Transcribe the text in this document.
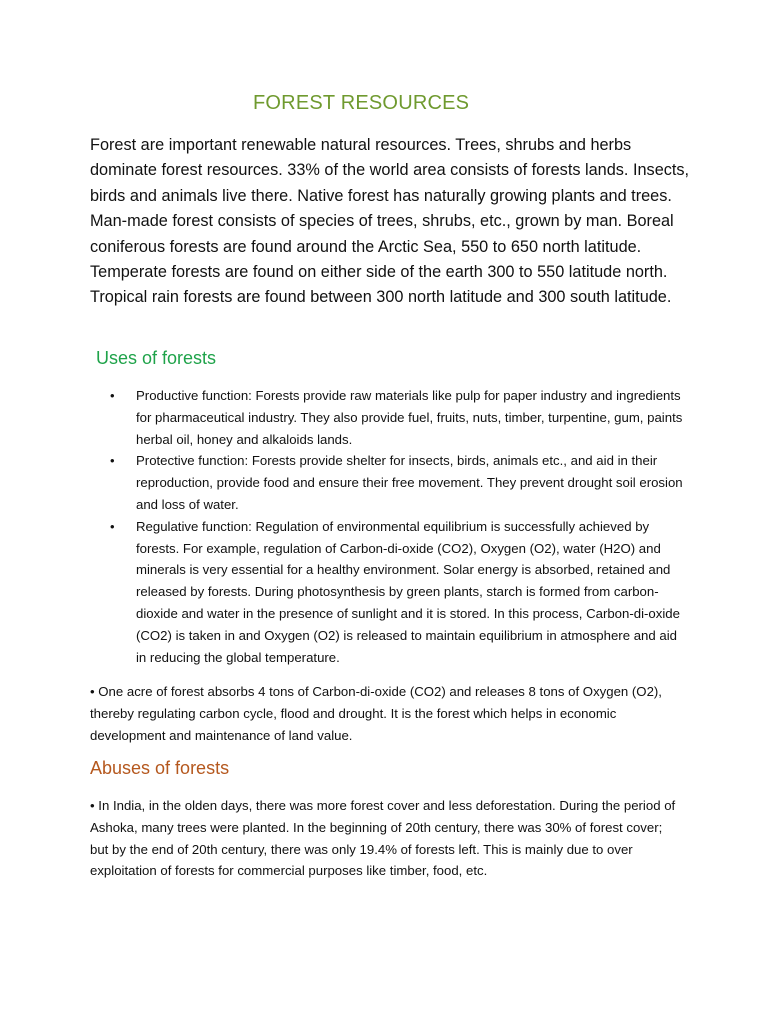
FOREST RESOURCES

Forest are important renewable natural resources. Trees, shrubs and herbs dominate forest resources. 33% of the world area consists of forests lands. Insects, birds and animals live there. Native forest has naturally growing plants and trees. Man-made forest consists of species of trees, shrubs, etc., grown by man. Boreal coniferous forests are found around the Arctic Sea, 550 to 650 north latitude. Temperate forests are found on either side of the earth 300 to 550 latitude north. Tropical rain forests are found between 300 north latitude and 300 south latitude.

Uses of forests
• Productive function: Forests provide raw materials like pulp for paper industry and ingredients for pharmaceutical industry. They also provide fuel, fruits, nuts, timber, turpentine, gum, paints herbal oil, honey and alkaloids lands.
• Protective function: Forests provide shelter for insects, birds, animals etc., and aid in their reproduction, provide food and ensure their free movement. They prevent drought soil erosion and loss of water.
• Regulative function: Regulation of environmental equilibrium is successfully achieved by forests. For example, regulation of Carbon-di-oxide (CO2), Oxygen (O2), water (H2O) and minerals is very essential for a healthy environment. Solar energy is absorbed, retained and released by forests. During photosynthesis by green plants, starch is formed from carbon-dioxide and water in the presence of sunlight and it is stored. In this process, Carbon-di-oxide (CO2) is taken in and Oxygen (O2) is released to maintain equilibrium in atmosphere and aid in reducing the global temperature.

• One acre of forest absorbs 4 tons of Carbon-di-oxide (CO2) and releases 8 tons of Oxygen (O2), thereby regulating carbon cycle, flood and drought. It is the forest which helps in economic development and maintenance of land value.

Abuses of forests

• In India, in the olden days, there was more forest cover and less deforestation. During the period of Ashoka, many trees were planted. In the beginning of 20th century, there was 30% of forest cover; but by the end of 20th century, there was only 19.4% of forests left. This is mainly due to over exploitation of forests for commercial purposes like timber, food, etc.
